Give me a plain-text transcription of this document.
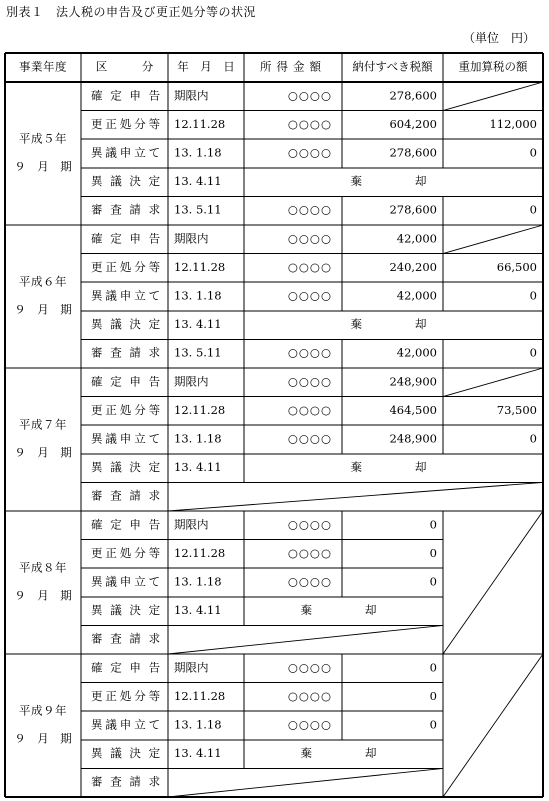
別表１　法人税の申告及び更正処分等の状況
（単位　円）
事業年度	区　　　分 年　月　日 所得金額 納付すべき税額 重加算税の額
平成５年
９　月　期
確定申告 期限内	○○○○	278,600
更正処分等 12.11.28	○○○○	604,200	112,000
異議申立て 13. 1.18	○○○○	278,600	0
異議決定 13. 4.11	棄　　却
審査請求 13. 5.11	○○○○	278,600	0
平成６年
９　月　期
確定申告 期限内	○○○○	42,000
更正処分等 12.11.28	○○○○	240,200	66,500
異議申立て 13. 1.18	○○○○	42,000	0
異議決定 13. 4.11	棄　　却
審査請求 13. 5.11	○○○○	42,000	0
平成７年
９　月　期
確定申告 期限内	○○○○	248,900
更正処分等 12.11.28	○○○○	464,500	73,500
異議申立て 13. 1.18	○○○○	248,900	0
異議決定 13. 4.11	棄　　却
審査請求
平成８年
９　月　期
確定申告 期限内	○○○○	0
更正処分等 12.11.28	○○○○	0
異議申立て 13. 1.18	○○○○	0
異議決定 13. 4.11	棄　　却
審査請求
平成９年
９　月　期
確定申告 期限内	○○○○	0
更正処分等 12.11.28	○○○○	0
異議申立て 13. 1.18	○○○○	0
異議決定 13. 4.11	棄　　却
審査請求
